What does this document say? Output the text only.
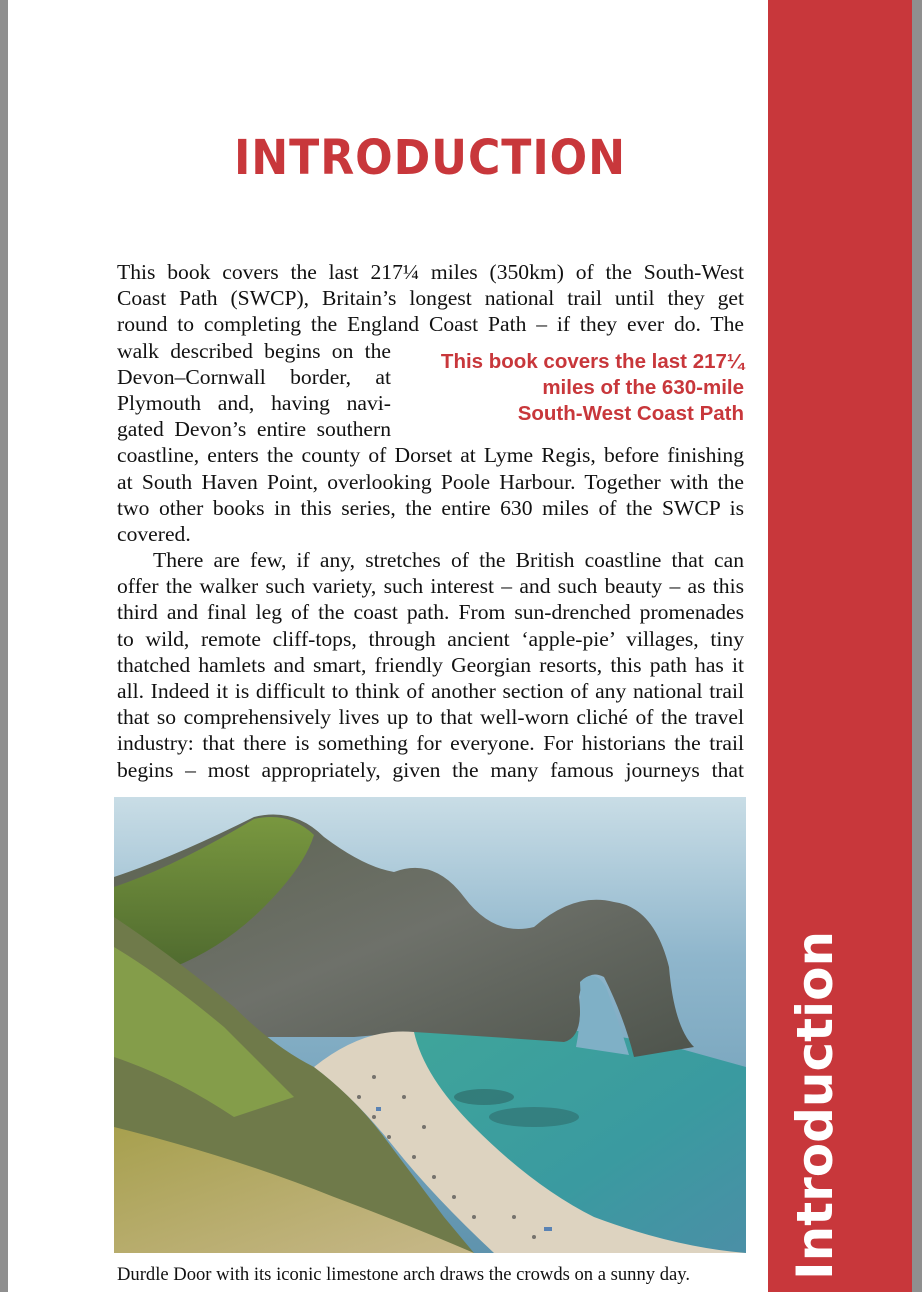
Introduction
INTRODUCTION
This book covers the last 217¼ miles (350km) of the South-West
Coast Path (SWCP), Britain’s longest national trail until they get
round to completing the England Coast Path – if they ever do. The
walk described begins on the
Devon–Cornwall border, at
Plymouth and, having navi-
gated Devon’s entire southern
coastline, enters the county of Dorset at Lyme Regis, before finishing
at South Haven Point, overlooking Poole Harbour. Together with the
two other books in this series, the entire 630 miles of the SWCP is
covered.
There are few, if any, stretches of the British coastline that can
offer the walker such variety, such interest – and such beauty – as this
third and final leg of the coast path. From sun-drenched promenades
to wild, remote cliff-tops, through ancient ‘apple-pie’ villages, tiny
thatched hamlets and smart, friendly Georgian resorts, this path has it
all. Indeed it is difficult to think of another section of any national trail
that so comprehensively lives up to that well-worn cliché of the travel
industry: that there is something for everyone. For historians the trail
begins – most appropriately, given the many famous journeys that
This book covers the last 217¼
miles of the 630-mile
South-West Coast Path
Durdle Door with its iconic limestone arch draws the crowds on a sunny day.
